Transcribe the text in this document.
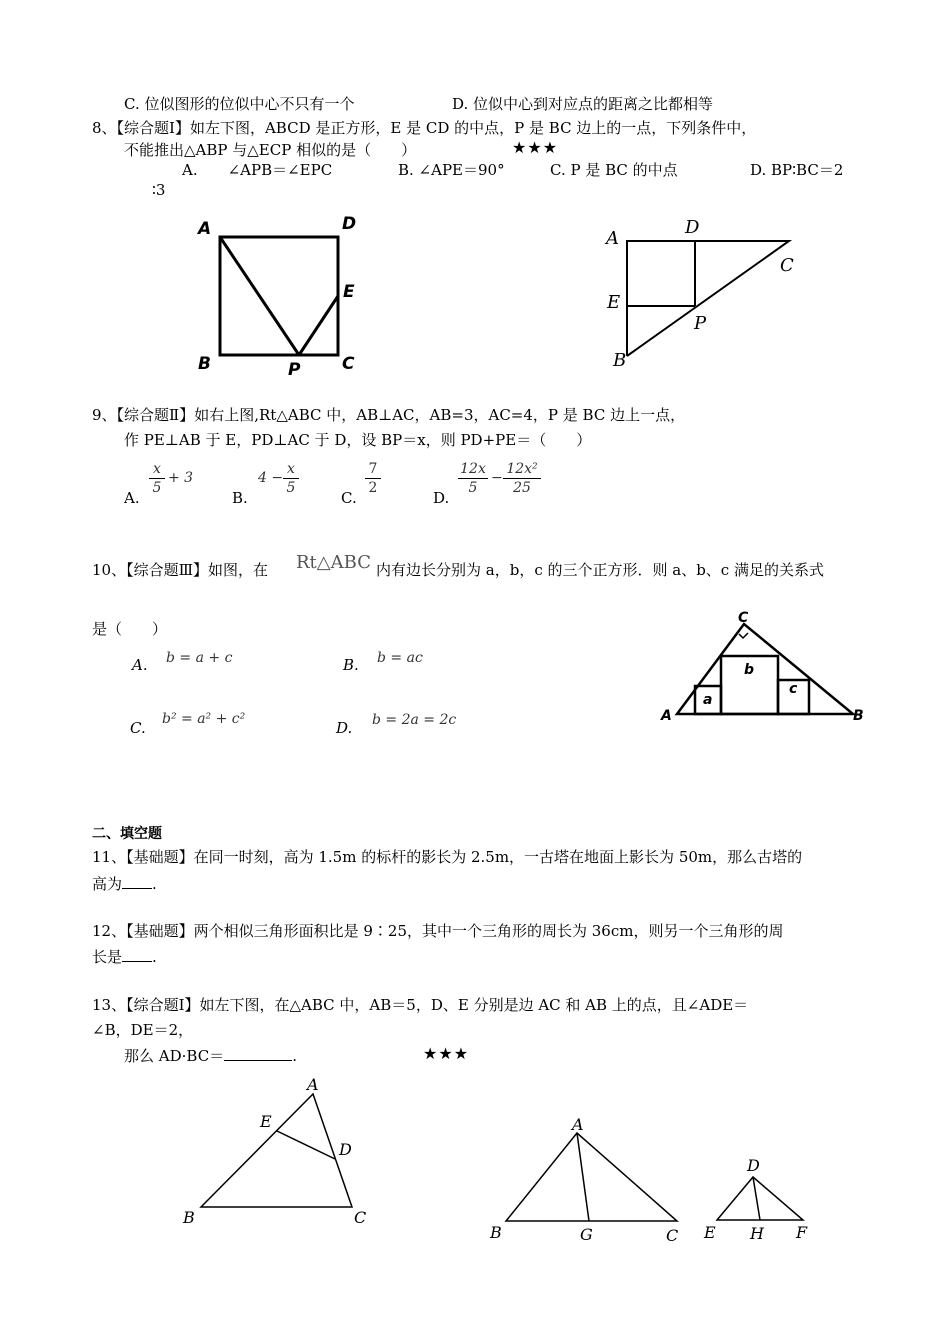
C. 位似图形的位似中心不只有一个	D. 位似中心到对应点的距离之比都相等
8、【综合题Ⅰ】如左下图，ABCD 是正方形，E 是 CD 的中点，P 是 BC 边上的一点，下列条件中，
不能推出△ABP 与△ECP 相似的是（　　）	★★★
A.　　∠APB＝∠EPC	B. ∠APE＝90°	C. P 是 BC 的中点	D. BP∶BC＝2
∶3
A	D
E
B	P C
A
D
C
E
P
B
9、【综合题Ⅱ】如右上图,Rt△ABC 中，AB⊥AC，AB=3，AC=4，P 是 BC 边上一点，
作 PE⊥AB 于 E，PD⊥AC 于 D，设 BP＝x，则 PD+PE＝（　　）
A.
x
5
+ 3
B.
4 −
x
5
C.
7
2
D.
12x
5
−
12x²
25
10、【综合题Ⅲ】如图，在 Rt△ABC 内有边长分别为 a，b，c 的三个正方形．则 a、b、c 满足的关系式
是（　　）
A. b = a + c	B. b = ac
C. b² = a² + c²	D. b = 2a = 2c
C
b
a
c
A	B
二、填空题
11、【基础题】在同一时刻，高为 1.5m 的标杆的影长为 2.5m，一古塔在地面上影长为 50m，那么古塔的
高为 .
12、【基础题】两个相似三角形面积比是 9∶25，其中一个三角形的周长为 36cm，则另一个三角形的周
长是 .
13、【综合题Ⅰ】如左下图，在△ABC 中，AB＝5，D、E 分别是边 AC 和 AB 上的点，且∠ADE＝
∠B，DE＝2，
那么 AD·BC＝	.	★★★
A
E
D
B	C
A
B	G	C
D
E H F
